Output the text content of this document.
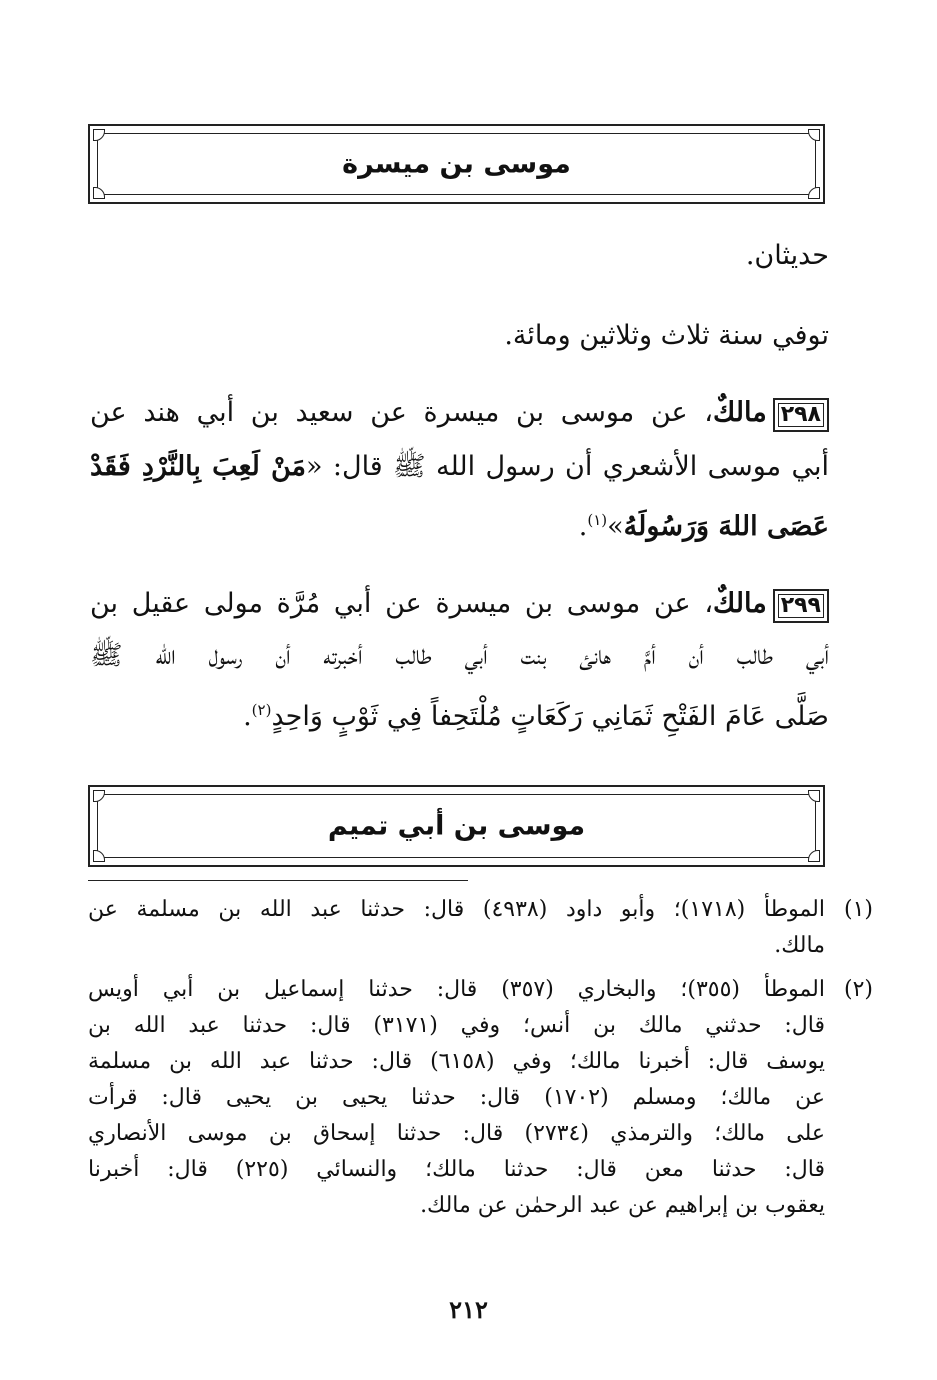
موسى بن ميسرة
حديثان.
توفي سنة ثلاث وثلاثين ومائة.
٢٩٨مالكٌ، عن موسى بن ميسرة عن سعيد بن أبي هند عن
أبي موسى الأشعري أن رسول الله ﷺ قال: «مَنْ لَعِبَ بِالنَّرْدِ فَقَدْ
عَصَى اللهَ وَرَسُولَهُ»$^{(١)}$.
٢٩٩مالكٌ، عن موسى بن ميسرة عن أبي مُرَّة مولى عقيل بن
أبي طالب أن أمَّ هانئ بنت أبي طالب أخبرته أن رسول الله ﷺ
صَلَّى عَامَ الفَتْحِ ثَمَانِي رَكَعَاتٍ مُلْتَحِفاً فِي ثَوْبٍ وَاحِدٍ$^{(٢)}$.
موسى بن أبي تميم
(١)
الموطأ (١٧١٨)؛ وأبو داود (٤٩٣٨) قال: حدثنا عبد الله بن مسلمة عن
مالك.
(٢)
الموطأ (٣٥٥)؛ والبخاري (٣٥٧) قال: حدثنا إسماعيل بن أبي أويس
قال: حدثني مالك بن أنس؛ وفي (٣١٧١) قال: حدثنا عبد الله بن
يوسف قال: أخبرنا مالك؛ وفي (٦١٥٨) قال: حدثنا عبد الله بن مسلمة
عن مالك؛ ومسلم (١٧٠٢) قال: حدثنا يحيى بن يحيى قال: قرأت
على مالك؛ والترمذي (٢٧٣٤) قال: حدثنا إسحاق بن موسى الأنصاري
قال: حدثنا معن قال: حدثنا مالك؛ والنسائي (٢٢٥) قال: أخبرنا
يعقوب بن إبراهيم عن عبد الرحمٰن عن مالك.
٢١٢
